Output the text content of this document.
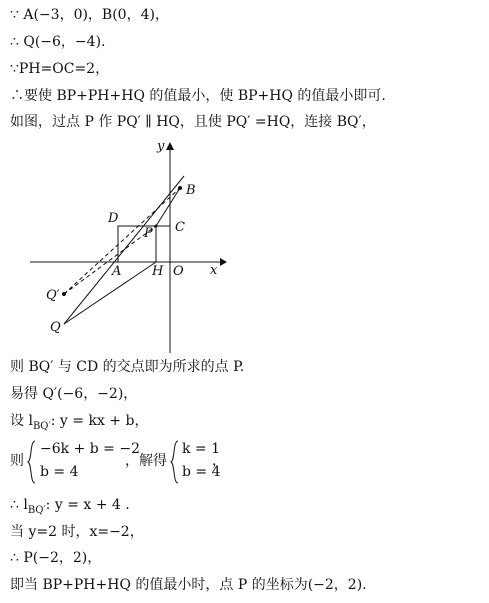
∵ A(−3，0)，B(0，4)，
∴ Q(−6，−4).
∵PH=OC=2，
∴要使 BP+PH+HQ 的值最小，使 BP+HQ 的值最小即可.
如图，过点 P 作 PQ′ ∥ HQ，且使 PQ′ =HQ，连接 BQ′，
y
x
B
C
D
P
A H O
Q′
Q
则 BQ′ 与 CD 的交点即为所求的点 P.
易得 Q′(−6，−2)，
设 $l_{BQ'}$: y = kx + b，
则
−6k + b = −2
b = 4
，解得
k = 1
b = 4
，
∴ $l_{BQ'}$: y = x + 4 .
当 y=2 时，x=−2，
∴ P(−2，2)，
即当 BP+PH+HQ 的值最小时，点 P 的坐标为(−2，2).
